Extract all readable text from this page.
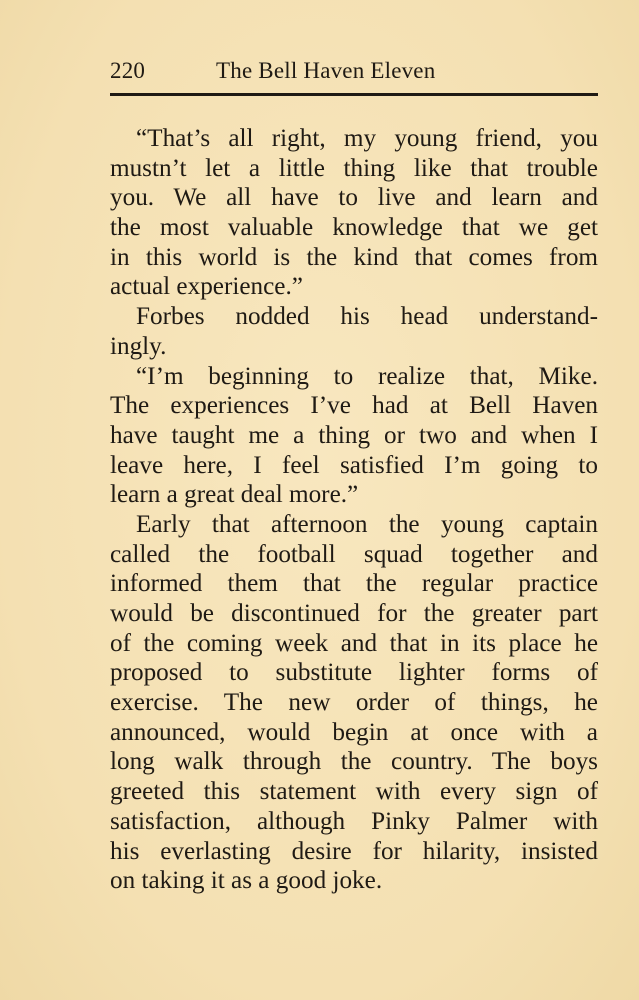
220	The Bell Haven Eleven
“That’s all right, my young friend, you
mustn’t let a little thing like that trouble
you. We all have to live and learn and
the most valuable knowledge that we get
in this world is the kind that comes from
actual experience.”
Forbes nodded his head understand-
ingly.
“I’m beginning to realize that, Mike.
The experiences I’ve had at Bell Haven
have taught me a thing or two and when I
leave here, I feel satisfied I’m going to
learn a great deal more.”
Early that afternoon the young captain
called the football squad together and
informed them that the regular practice
would be discontinued for the greater part
of the coming week and that in its place he
proposed to substitute lighter forms of
exercise. The new order of things, he
announced, would begin at once with a
long walk through the country. The boys
greeted this statement with every sign of
satisfaction, although Pinky Palmer with
his everlasting desire for hilarity, insisted
on taking it as a good joke.
